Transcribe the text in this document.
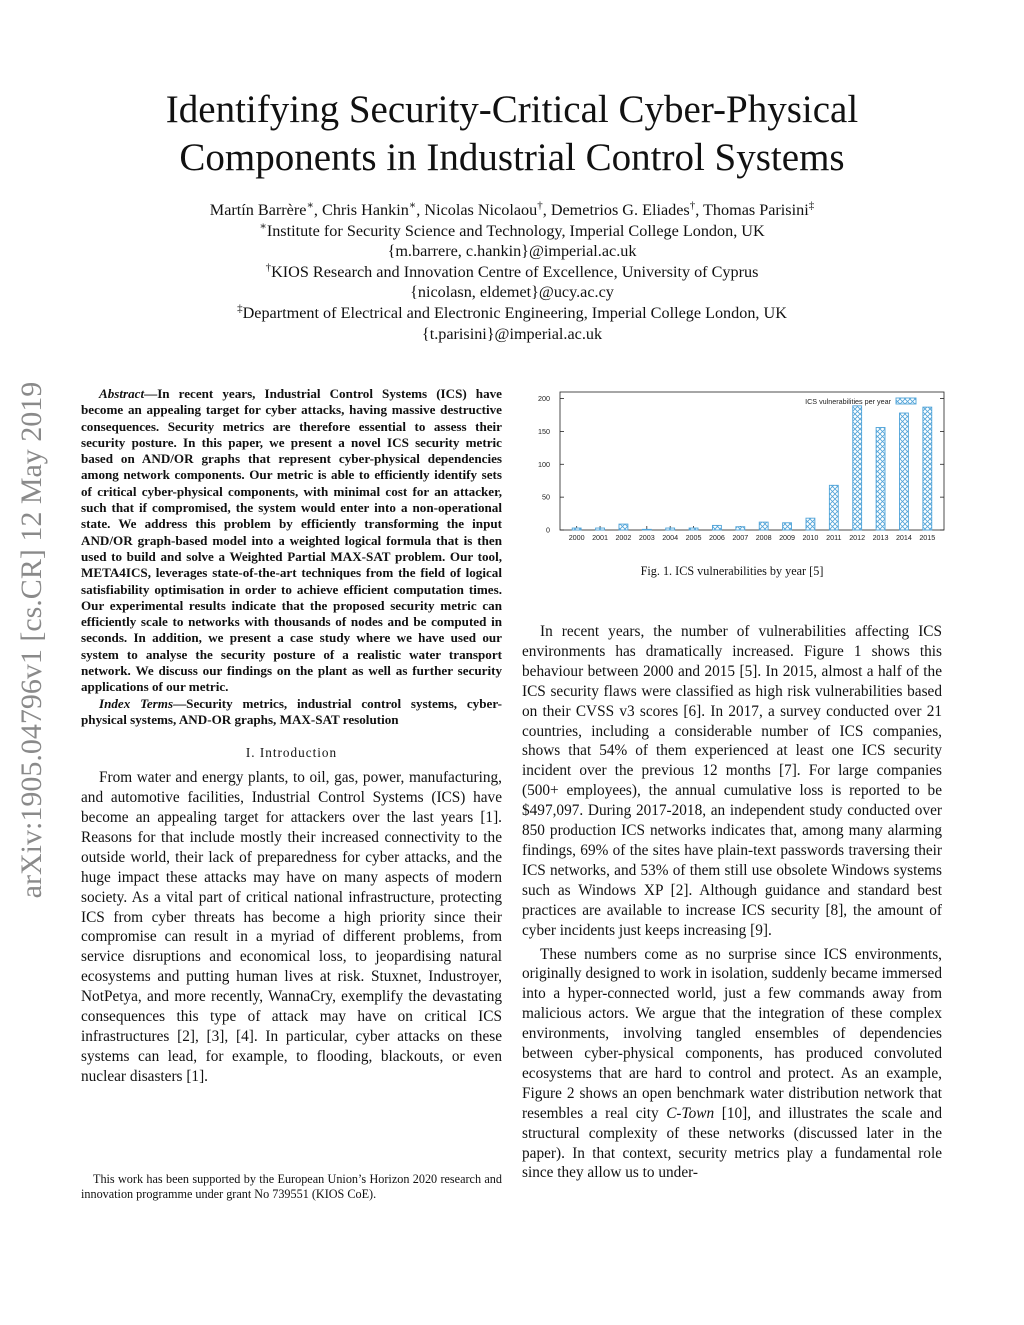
Identifying Security-Critical Cyber-Physical
Components in Industrial Control Systems
Martín Barrère∗, Chris Hankin∗, Nicolas Nicolaou†, Demetrios G. Eliades†, Thomas Parisini‡
∗Institute for Security Science and Technology, Imperial College London, UK
{m.barrere, c.hankin}@imperial.ac.uk
†KIOS Research and Innovation Centre of Excellence, University of Cyprus
{nicolasn, eldemet}@ucy.ac.cy
‡Department of Electrical and Electronic Engineering, Imperial College London, UK
{t.parisini}@imperial.ac.uk
arXiv:1905.04796v1 [cs.CR] 12 May 2019	Abstract—In recent years, Industrial Control Systems (ICS) have become an appealing target for cyber attacks, having massive destructive consequences. Security metrics are therefore essential to assess their security posture. In this paper, we present a novel ICS security metric based on AND/OR graphs that represent cyber-physical dependencies among network components. Our metric is able to efficiently identify sets of critical cyber-physical components, with minimal cost for an attacker, such that if compromised, the system would enter into a non-operational state. We address this problem by efficiently transforming the input AND/OR graph-based model into a weighted logical formula that is then used to build and solve a Weighted Partial MAX-SAT problem. Our tool, META4ICS, leverages state-of-the-art techniques from the field of logical satisfiability optimisation in order to achieve efficient computation times. Our experimental results indicate that the proposed security metric can efficiently scale to networks with thousands of nodes and be computed in seconds. In addition, we present a case study where we have used our system to analyse the security posture of a realistic water transport network. We discuss our findings on the plant as well as further security applications of our metric.

Index Terms—Security metrics, industrial control systems, cyber-physical systems, AND-OR graphs, MAX-SAT resolution

I. Introduction

From water and energy plants, to oil, gas, power, manufacturing, and automotive facilities, Industrial Control Systems (ICS) have become an appealing target for attackers over the last years [1]. Reasons for that include mostly their increased connectivity to the outside world, their lack of preparedness for cyber attacks, and the huge impact these attacks may have on many aspects of modern society. As a vital part of critical national infrastructure, protecting ICS from cyber threats has become a high priority since their compromise can result in a myriad of different problems, from service disruptions and economical loss, to jeopardising natural ecosystems and putting human lives at risk. Stuxnet, Industroyer, NotPetya, and more recently, WannaCry, exemplify the devastating consequences this type of attack may have on critical ICS infrastructures [2], [3], [4]. In particular, cyber attacks on these systems can lead, for example, to flooding, blackouts, or even nuclear disasters [1].

This work has been supported by the European Union’s Horizon 2020 research and innovation programme under grant No 739551 (KIOS CoE).
0
50
100
150
200
2000 2001 2002 2003 2004 2005 2006 2007 2008 2009 2010 2011 2012 2013 2014 2015
ICS vulnerabilities per year
Fig. 1. ICS vulnerabilities by year [5]

In recent years, the number of vulnerabilities affecting ICS environments has dramatically increased. Figure 1 shows this behaviour between 2000 and 2015 [5]. In 2015, almost a half of the ICS security flaws were classified as high risk vulnerabilities based on their CVSS v3 scores [6]. In 2017, a survey conducted over 21 countries, including a considerable number of ICS companies, shows that 54% of them experienced at least one ICS security incident over the previous 12 months [7]. For large companies (500+ employees), the annual cumulative loss is reported to be $497,097. During 2017-2018, an independent study conducted over 850 production ICS networks indicates that, among many alarming findings, 69% of the sites have plain-text passwords traversing their ICS networks, and 53% of them still use obsolete Windows systems such as Windows XP [2]. Although guidance and standard best practices are available to increase ICS security [8], the amount of cyber incidents just keeps increasing [9].

These numbers come as no surprise since ICS environments, originally designed to work in isolation, suddenly became immersed into a hyper-connected world, just a few commands away from malicious actors. We argue that the integration of these complex environments, involving tangled ensembles of dependencies between cyber-physical components, has produced convoluted ecosystems that are hard to control and protect. As an example, Figure 2 shows an open benchmark water distribution network that resembles a real city C-Town [10], and illustrates the scale and structural complexity of these networks (discussed later in the paper). In that context, security metrics play a fundamental role since they allow us to under-
